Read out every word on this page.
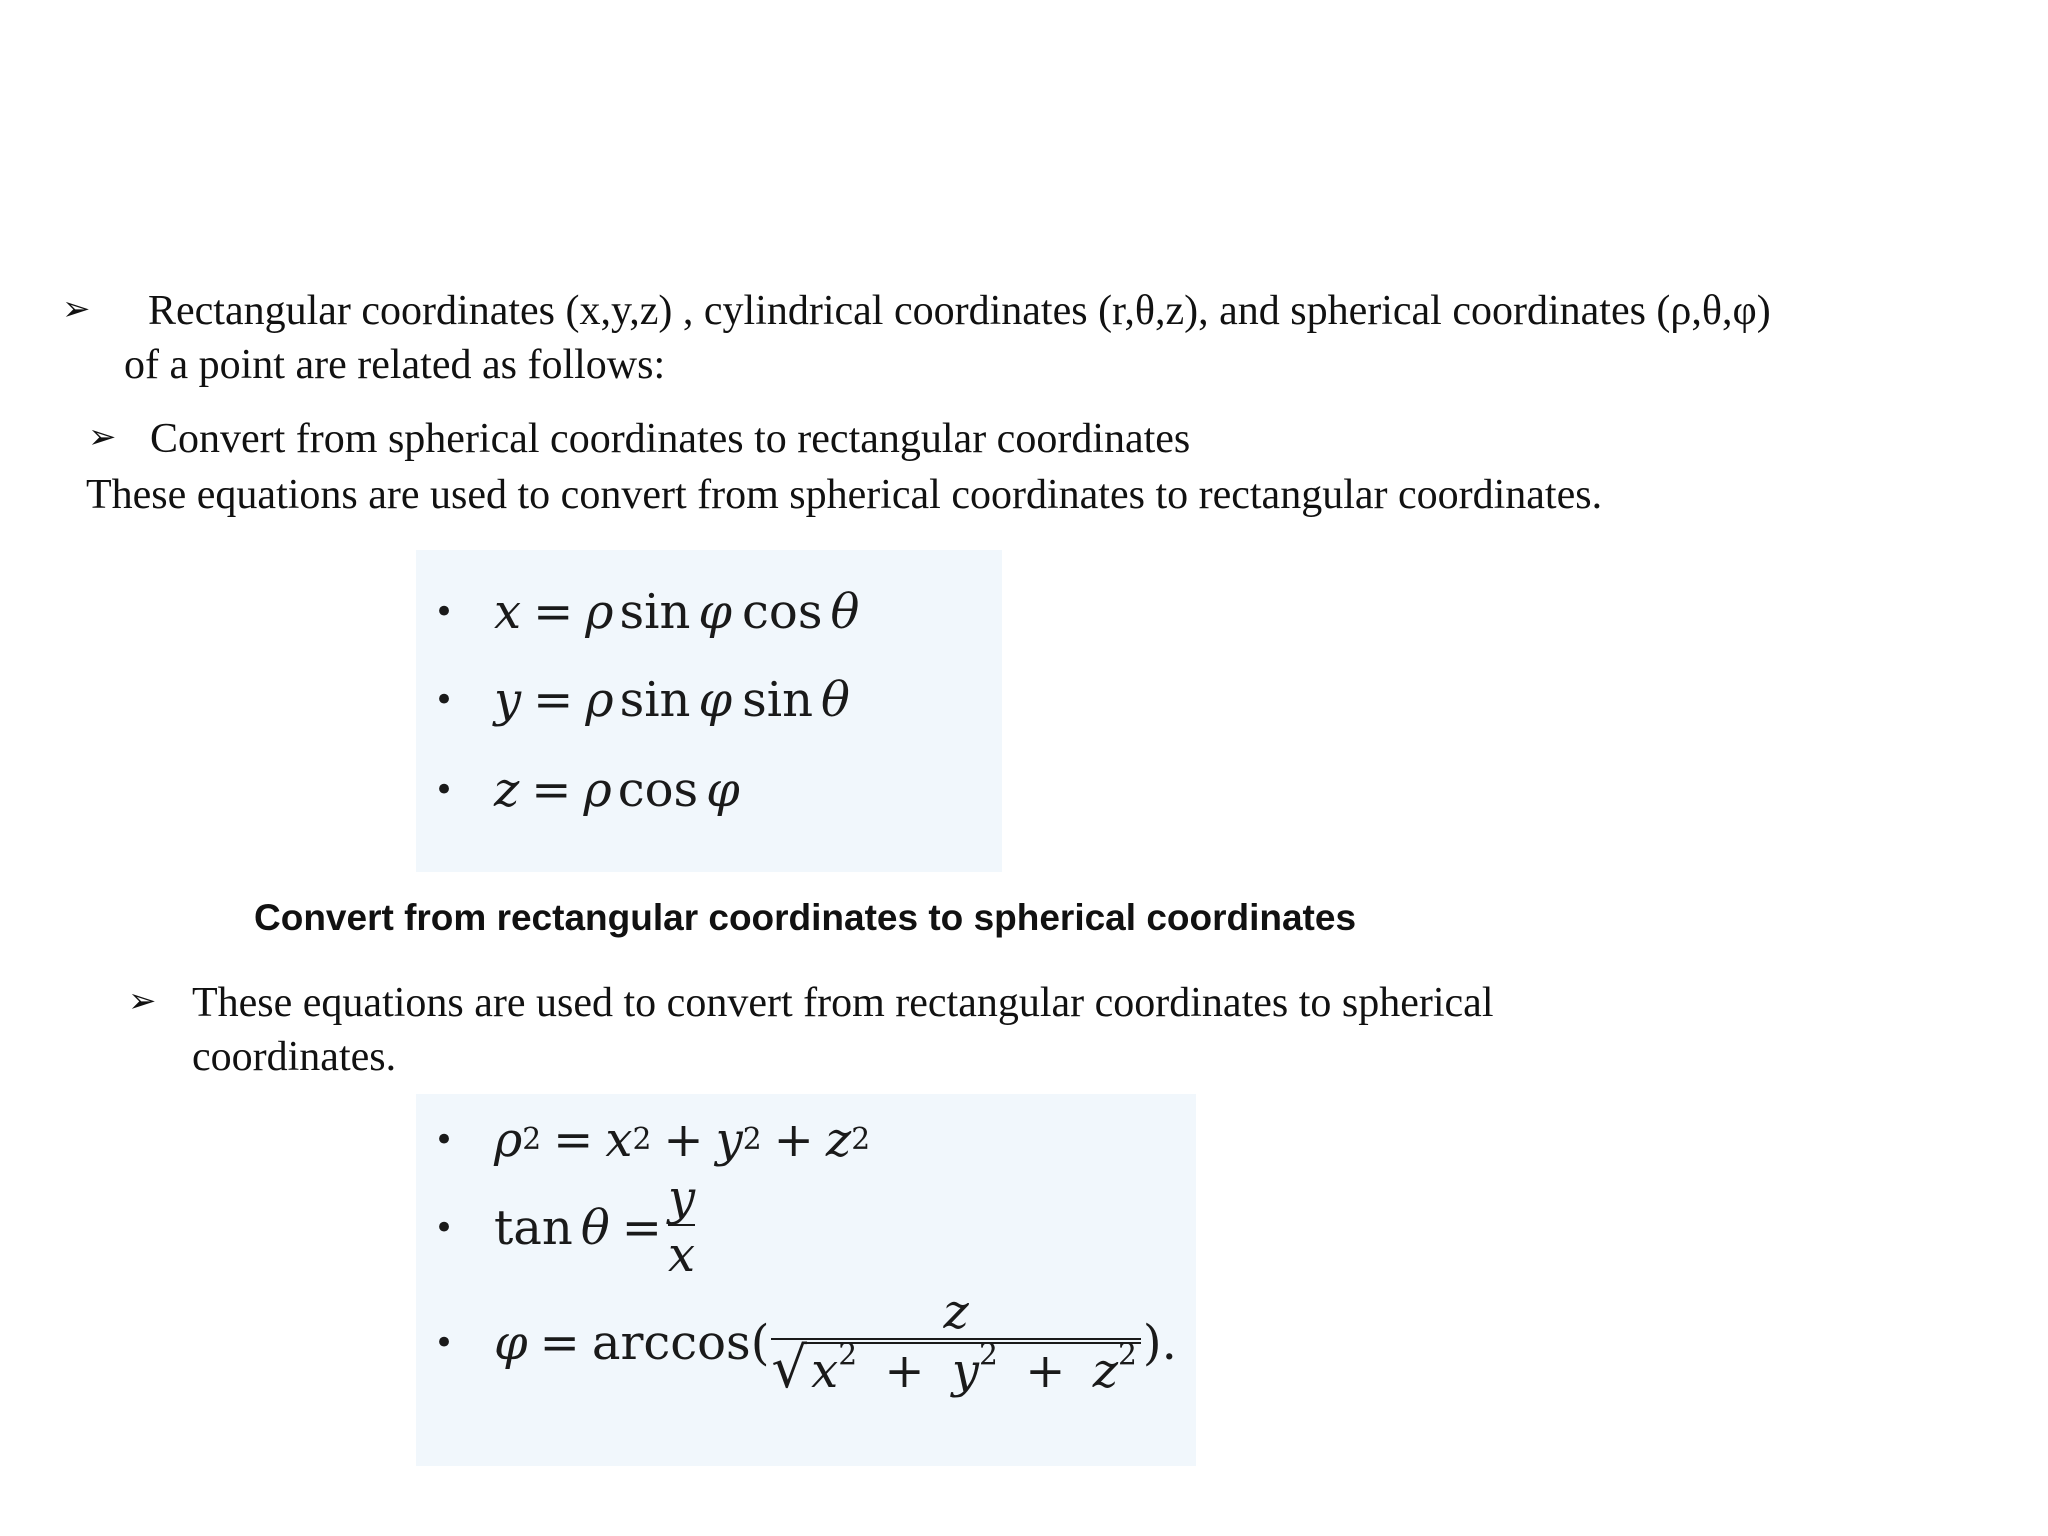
➢ Rectangular coordinates (x,y,z) , cylindrical coordinates (r,θ,z), and spherical coordinates (ρ,θ,φ)
of a point are related as follows:
➢ Convert from spherical coordinates to rectangular coordinates
These equations are used to convert from spherical coordinates to rectangular coordinates.
• x = ρ sin φ cos θ
• y = ρ sin φ sin θ
• z = ρ cos φ
Convert from rectangular coordinates to spherical coordinates
➢ These equations are used to convert from rectangular coordinates to spherical
coordinates.
• ρ 2 = x 2 + y 2 + z 2
• $\tan \theta = \frac{y}{x}$
• φ = arccos(
z
√ $x^2 + y^2 + z^2$ ).
